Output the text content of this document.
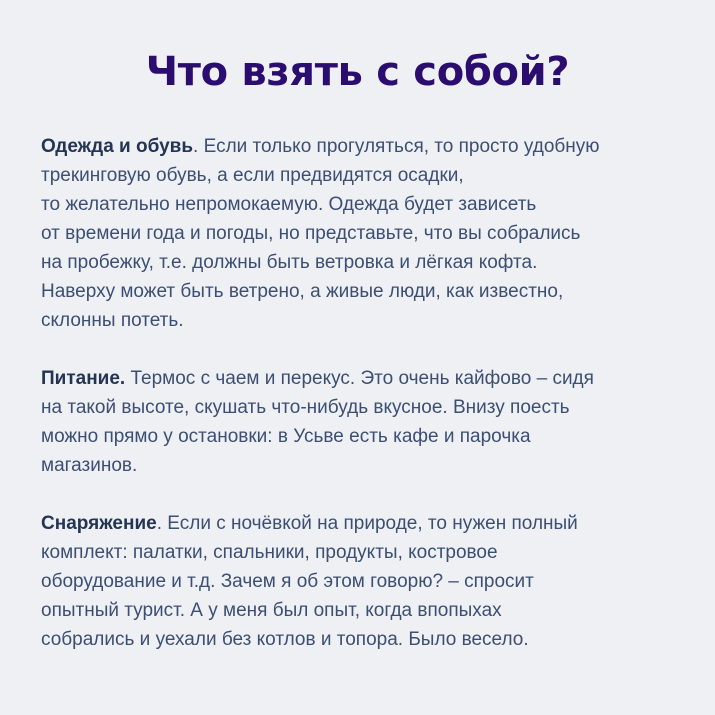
Что взять с собой?

Одежда и обувь. Если только прогуляться, то просто удобную
трекинговую обувь, а если предвидятся осадки,
то желательно непромокаемую. Одежда будет зависеть
от времени года и погоды, но представьте, что вы собрались
на пробежку, т.е. должны быть ветровка и лёгкая кофта.
Наверху может быть ветрено, а живые люди, как известно,
склонны потеть.

Питание. Термос с чаем и перекус. Это очень кайфово – сидя
на такой высоте, скушать что-нибудь вкусное. Внизу поесть
можно прямо у остановки: в Усьве есть кафе и парочка
магазинов.

Снаряжение. Если с ночёвкой на природе, то нужен полный
комплект: палатки, спальники, продукты, костровое
оборудование и т.д. Зачем я об этом говорю? – спросит
опытный турист. А у меня был опыт, когда впопыхах
собрались и уехали без котлов и топора. Было весело.
